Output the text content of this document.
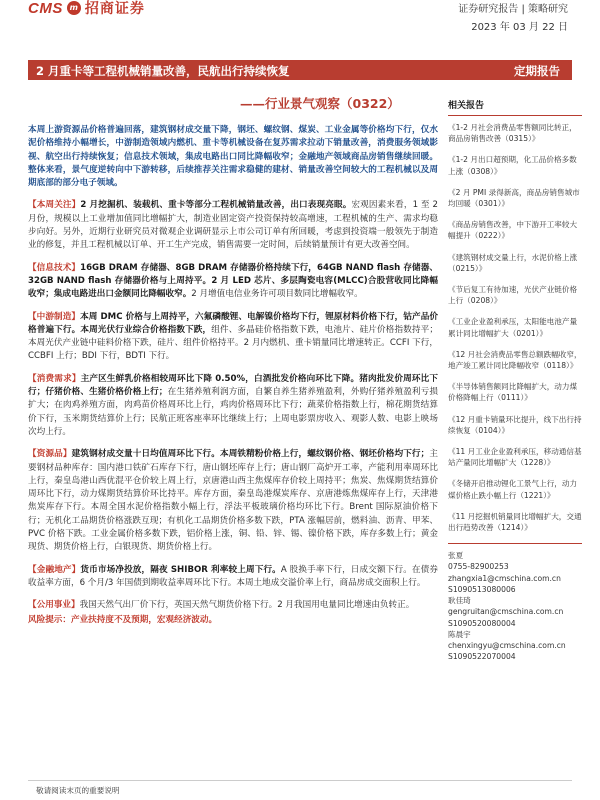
CMS m 招商证券	证券研究报告 | 策略研究
2023 年 03 月 22 日
2 月重卡等工程机械销量改善，民航出行持续恢复	定期报告
——行业景气观察（0322）

本周上游资源品价格普遍回落，建筑钢材成交量下降，钢坯、螺纹钢、煤炭、工业金属等价格均下行，仅水泥价格维持小幅增长，中游制造领域内燃机、重卡等机械设备在复苏需求拉动下销量改善，消费服务领域影视、航空出行持续恢复；信息技术领域，集成电路出口同比降幅收窄；金融地产领域商品房销售继续回暖。整体来看，景气度逆转向中下游转移，后续推荐关注需求稳健的建材、销量改善空间较大的工程机械以及周期底部的部分电子领域。

【本周关注】2 月挖掘机、装载机、重卡等部分工程机械销量改善，出口表现亮眼。宏观因素来看，1 至 2 月份，规模以上工业增加值同比增幅扩大，制造业固定资产投资保持较高增速，工程机械的生产、需求均稳步向好。另外，近期行业研究员对微观企业调研显示上市公司订单有所回暖，考虑到投资端一般领先于制造业的修复，并且工程机械以订单、开工生产完成，销售需要一定时间，后续销量预计有更大改善空间。

【信息技术】16GB DRAM 存储器、8GB DRAM 存储器价格持续下行，64GB NAND flash 存储器、32GB NAND flash 存储器价格与上周持平。2 月 LED 芯片、多层陶瓷电容(MLCC)合股营收同比降幅收窄；集成电路进出口金额同比降幅收窄。2 月增值电信业务许可项目数同比增幅收窄。

【中游制造】本周 DMC 价格与上周持平，六氟磷酸锂、电解镍价格均下行，锂原材料价格下行，钴产品价格普遍下行。本周光伏行业综合价格指数下跌，组件、多晶硅价格指数下跌，电池片、硅片价格指数持平；本周光伏产业链中硅料价格下跌，硅片、组件价格持平。2 月内燃机、重卡销量同比增速转正。CCFI 下行，CCBFI 上行；BDI 下行，BDTI 下行。

【消费需求】主产区生鲜乳价格相较周环比下降 0.50%，白酒批发价格向环比下降。猪肉批发价周环比下行；仔猪价格、生猪价格价格上行；在生猪养殖利润方面，自繁自养生猪养殖盈利，外购仔猪养殖盈利亏损扩大；在肉鸡养殖方面，肉鸡苗价格周环比上行，鸡肉价格周环比下行；蔬菜价格指数上行，棉花期货结算价下行，玉米期货结算价上行；民航正班客座率环比继续上行；上周电影票房收入、观影人数、电影上映场次均上行。

【资源品】建筑钢材成交量十日均值周环比下行。本周铁精粉价格上行，螺纹钢价格、钢坯价格均下行；主要钢材品种库存：国内港口铁矿石库存下行，唐山钢坯库存上行；唐山钢厂高炉开工率，产能利用率周环比上行，秦皇岛港山西优混平仓价较上周上行，京唐港山西主焦煤库存价较上周持平；焦炭、焦煤期货结算价周环比下行，动力煤期货结算价环比持平。库存方面，秦皇岛港煤炭库存、京唐港炼焦煤库存上行，天津港焦炭库存下行。本周全国水泥价格指数小幅上行，浮法平板玻璃价格均环比下行。Brent 国际原油价格下行；无机化工品期货价格涨跌互现；有机化工品期货价格多数下跌，PTA 涨幅居前，燃料油、沥青、甲苯、PVC 价格下跌。工业金属价格多数下跌，铝价格上涨，铜、铅、锌、锡、镍价格下跌，库存多数上行；黄金现货、期货价格上行，白银现货、期货价格上行。

【金融地产】货币市场净投放，隔夜 SHIBOR 利率较上周下行。A 股换手率下行，日成交额下行。在债券收益率方面，6 个月/3 年国债到期收益率周环比下行。本周土地成交溢价率上行，商品房成交面积上行。

【公用事业】我国天然气出厂价下行，英国天然气期货价格下行。2 月我国用电量同比增速由负转正。

风险提示：产业扶持度不及预期，宏观经济波动。

相关报告
《1-2 月社会消费品零售额同比转正，商品房销售改善（0315）》
《1-2 月出口超预期，化工品价格多数上涨（0308）》
《2 月 PMI 录得新高，商品房销售城市均回暖（0301）》
《商品房销售改善，中下游开工率较大幅提升（0222）》
《建筑钢材成交量上行，水泥价格上涨（0215）》
《节后复工有待加速，光伏产业链价格上行（0208）》
《工业企业盈利承压，太阳能电池产量累计同比增幅扩大（0201）》
《12 月社会消费品零售总额跌幅收窄，地产竣工累计同比降幅收窄（0118）》
《半导体销售额同比降幅扩大，动力煤价格降幅上行（0111）》
《12 月重卡销量环比提升，线下出行持续恢复（0104）》
《11 月工业企业盈利承压，移动通信基站产量同比增幅扩大（1228）》
《冬储开启推动锂化工景气上行，动力煤价格止跌小幅上行（1221）》
《11 月挖掘机销量同比增幅扩大，交通出行趋势改善（1214）》
张夏
0755-82900253
zhangxia1@cmschina.com.cn
S1090513080006
耿佳琦
gengruitan@cmschina.com.cn
S1090520080004
陈晨宇
chenxingyu@cmschina.com.cn
S1090522070004
敬请阅读末页的重要说明
